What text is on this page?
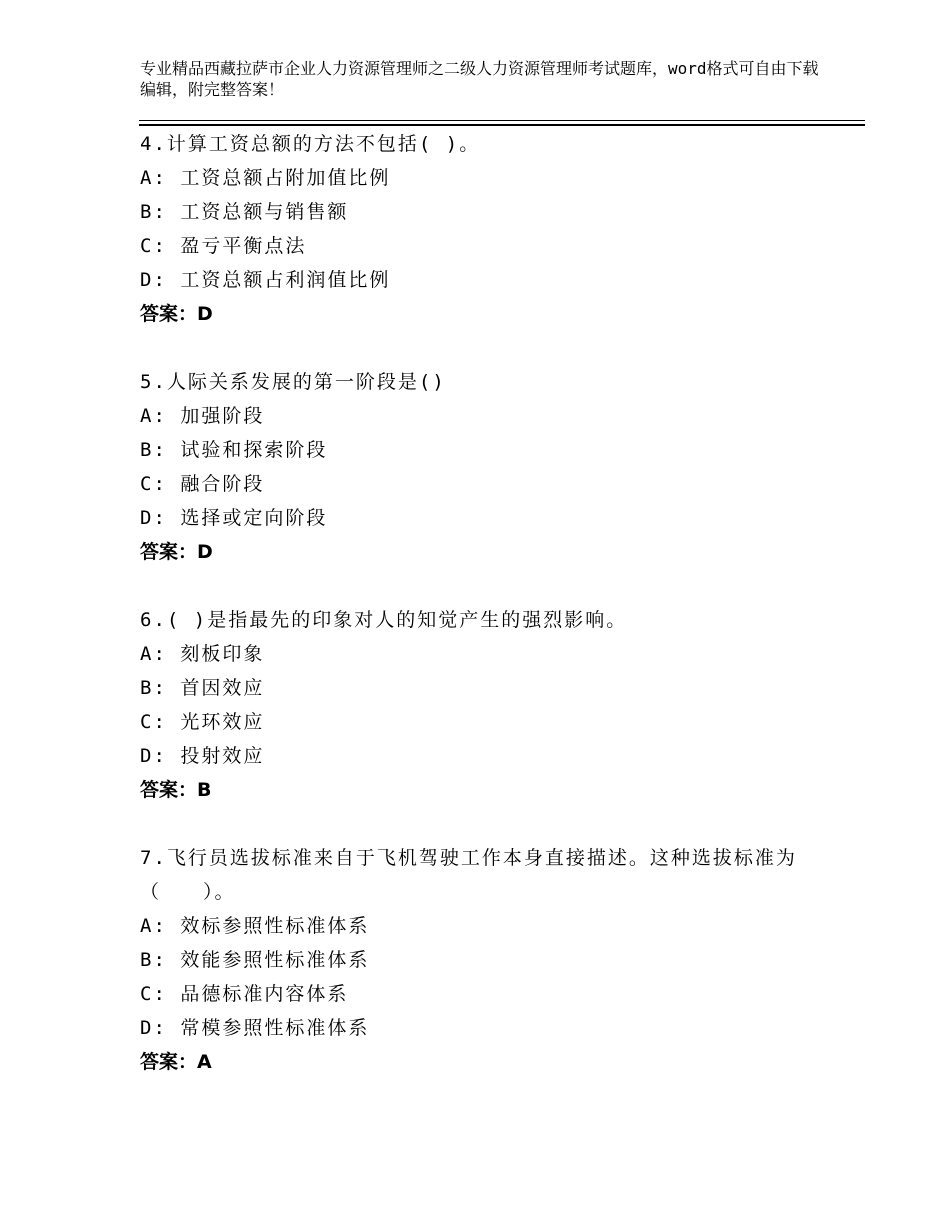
专业精品西藏拉萨市企业人力资源管理师之二级人力资源管理师考试题库，word格式可自由下载编辑，附完整答案！
4.计算工资总额的方法不包括( )。
A: 工资总额占附加值比例
B: 工资总额与销售额
C: 盈亏平衡点法
D: 工资总额占利润值比例
答案：D
5.人际关系发展的第一阶段是()
A: 加强阶段
B: 试验和探索阶段
C: 融合阶段
D: 选择或定向阶段
答案：D
6.( )是指最先的印象对人的知觉产生的强烈影响。
A: 刻板印象
B: 首因效应
C: 光环效应
D: 投射效应
答案：B
7.飞行员选拔标准来自于飞机驾驶工作本身直接描述。这种选拔标准为（　　）。
A: 效标参照性标准体系
B: 效能参照性标准体系
C: 品德标准内容体系
D: 常模参照性标准体系
答案：A
